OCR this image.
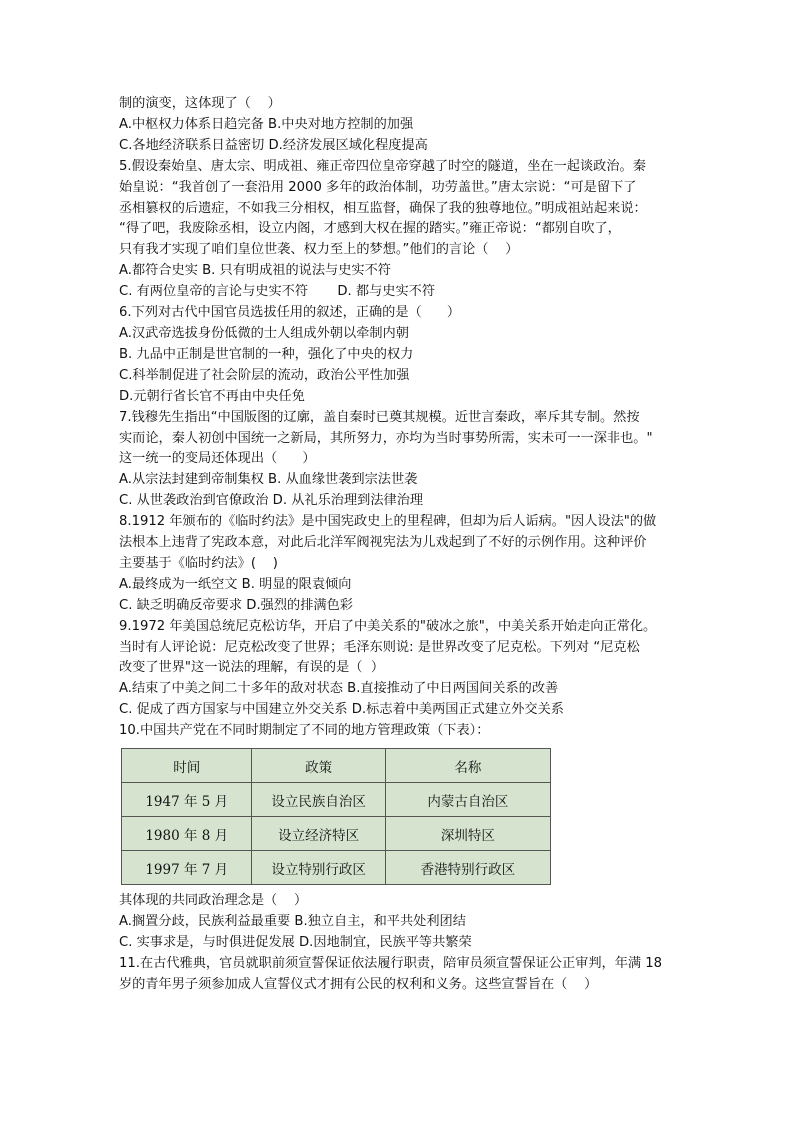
制的演变，这体现了（    ）
A.中枢权力体系日趋完备 B.中央对地方控制的加强
C.各地经济联系日益密切 D.经济发展区域化程度提高
5.假设秦始皇、唐太宗、明成祖、雍正帝四位皇帝穿越了时空的隧道，坐在一起谈政治。秦
始皇说：“我首创了一套沿用 2000 多年的政治体制，功劳盖世。”唐太宗说：“可是留下了
丞相篡权的后遗症，不如我三分相权，相互监督，确保了我的独尊地位。”明成祖站起来说：
“得了吧，我废除丞相，设立内阁，才感到大权在握的踏实。”雍正帝说：“都别自吹了，
只有我才实现了咱们皇位世袭、权力至上的梦想。”他们的言论（    ）
A.都符合史实 B. 只有明成祖的说法与史实不符
C. 有两位皇帝的言论与史实不符       D. 都与史实不符
6.下列对古代中国官员选拔任用的叙述，正确的是（      ）
A.汉武帝选拔身份低微的士人组成外朝以牵制内朝
B. 九品中正制是世官制的一种，强化了中央的权力
C.科举制促进了社会阶层的流动，政治公平性加强
D.元朝行省长官不再由中央任免
7.钱穆先生指出“中国版图的辽廓，盖自秦时已奠其规模。近世言秦政，率斥其专制。然按
实而论，秦人初创中国统一之新局，其所努力，亦均为当时事势所需，实未可一一深非也。"
这一统一的变局还体现出（      ）
A.从宗法封建到帝制集权 B. 从血缘世袭到宗法世袭
C. 从世袭政治到官僚政治 D. 从礼乐治理到法律治理
8.1912 年颁布的《临时约法》是中国宪政史上的里程碑，但却为后人诟病。"因人设法"的做
法根本上违背了宪政本意，对此后北洋军阀视宪法为儿戏起到了不好的示例作用。这种评价
主要基于《临时约法》(    )
A.最终成为一纸空文 B. 明显的限袁倾向
C. 缺乏明确反帝要求 D.强烈的排满色彩
9.1972 年美国总统尼克松访华，开启了中美关系的"破冰之旅"，中美关系开始走向正常化。
当时有人评论说：尼克松改变了世界；毛泽东则说: 是世界改变了尼克松。下列对 “尼克松
改变了世界"这一说法的理解，有误的是（  ）
A.结束了中美之间二十多年的敌对状态 B.直接推动了中日两国间关系的改善
C. 促成了西方国家与中国建立外交关系 D.标志着中美两国正式建立外交关系
10.中国共产党在不同时期制定了不同的地方管理政策（下表）：
时间	政策	名称
1947 年 5 月	设立民族自治区	内蒙古自治区
1980 年 8 月	设立经济特区	深圳特区
1997 年 7 月	设立特别行政区	香港特别行政区
其体现的共同政治理念是（    ）
A.搁置分歧，民族利益最重要 B.独立自主，和平共处利团结
C. 实事求是，与时俱进促发展 D.因地制宜，民族平等共繁荣
11.在古代雅典，官员就职前须宣誓保证依法履行职责，陪审员须宣誓保证公正审判，年满 18
岁的青年男子须参加成人宣誓仪式才拥有公民的权利和义务。这些宣誓旨在（    ）
